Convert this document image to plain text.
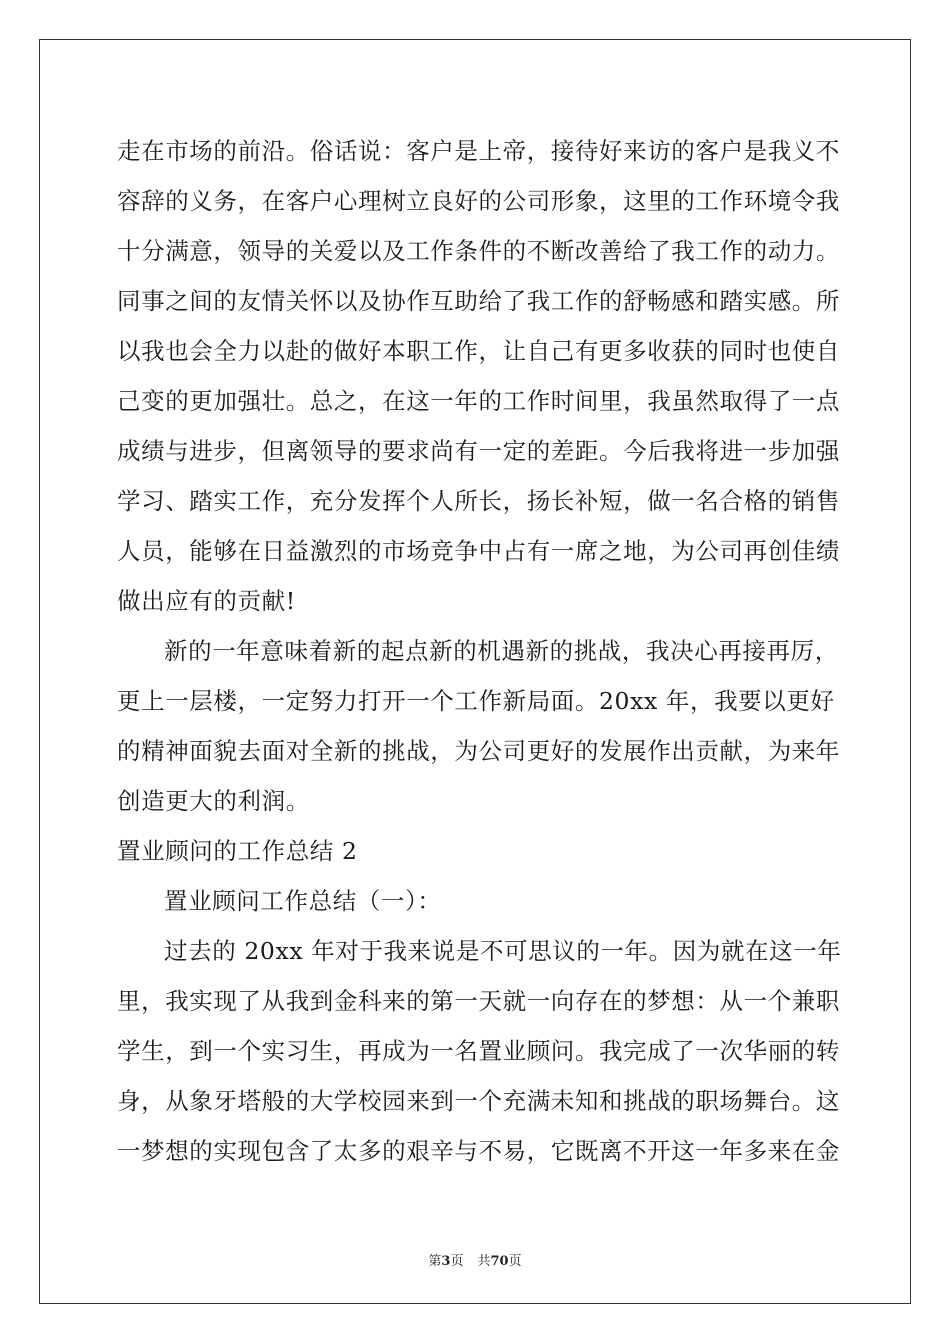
走在市场的前沿。俗话说：客户是上帝，接待好来访的客户是我义不
容辞的义务，在客户心理树立良好的公司形象，这里的工作环境令我
十分满意，领导的关爱以及工作条件的不断改善给了我工作的动力。
同事之间的友情关怀以及协作互助给了我工作的舒畅感和踏实感。所
以我也会全力以赴的做好本职工作，让自己有更多收获的同时也使自
己变的更加强壮。总之，在这一年的工作时间里，我虽然取得了一点
成绩与进步，但离领导的要求尚有一定的差距。今后我将进一步加强
学习、踏实工作，充分发挥个人所长，扬长补短，做一名合格的销售
人员，能够在日益激烈的市场竞争中占有一席之地，为公司再创佳绩
做出应有的贡献!
新的一年意味着新的起点新的机遇新的挑战，我决心再接再厉，
更上一层楼，一定努力打开一个工作新局面。20xx 年，我要以更好
的精神面貌去面对全新的挑战，为公司更好的发展作出贡献，为来年
创造更大的利润。
置业顾问的工作总结 2
置业顾问工作总结（一）：
过去的 20xx 年对于我来说是不可思议的一年。因为就在这一年
里，我实现了从我到金科来的第一天就一向存在的梦想：从一个兼职
学生，到一个实习生，再成为一名置业顾问。我完成了一次华丽的转
身，从象牙塔般的大学校园来到一个充满未知和挑战的职场舞台。这
一梦想的实现包含了太多的艰辛与不易，它既离不开这一年多来在金
第3页 共70页
